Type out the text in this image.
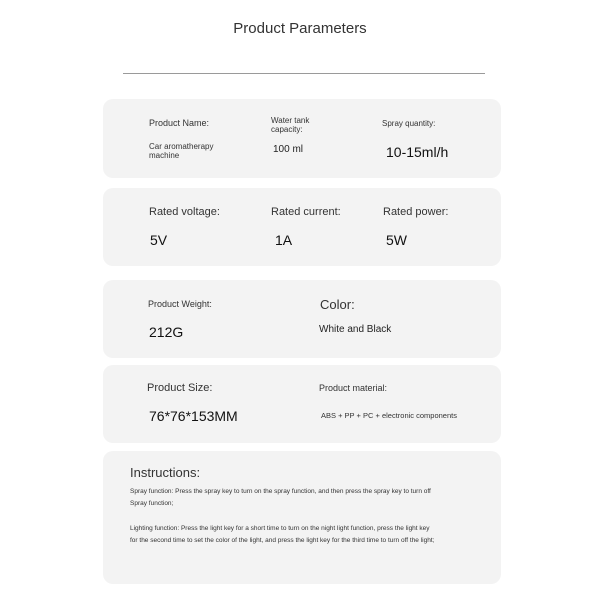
Product Parameters
Product Name:
Car aromatherapy
machine
Water tank
capacity:
100 ml
Spray quantity:
10-15ml/h
Rated voltage:
5V
Rated current:
1A
Rated power:
5W
Product Weight:
212G
Color:
White and Black
Product Size:
76*76*153MM
Product material:
ABS + PP + PC + electronic components
Instructions:
Spray function: Press the spray key to turn on the spray function, and then press the spray key to turn off
Spray function;
Lighting function: Press the light key for a short time to turn on the night light function, press the light key
for the second time to set the color of the light, and press the light key for the third time to turn off the light;
